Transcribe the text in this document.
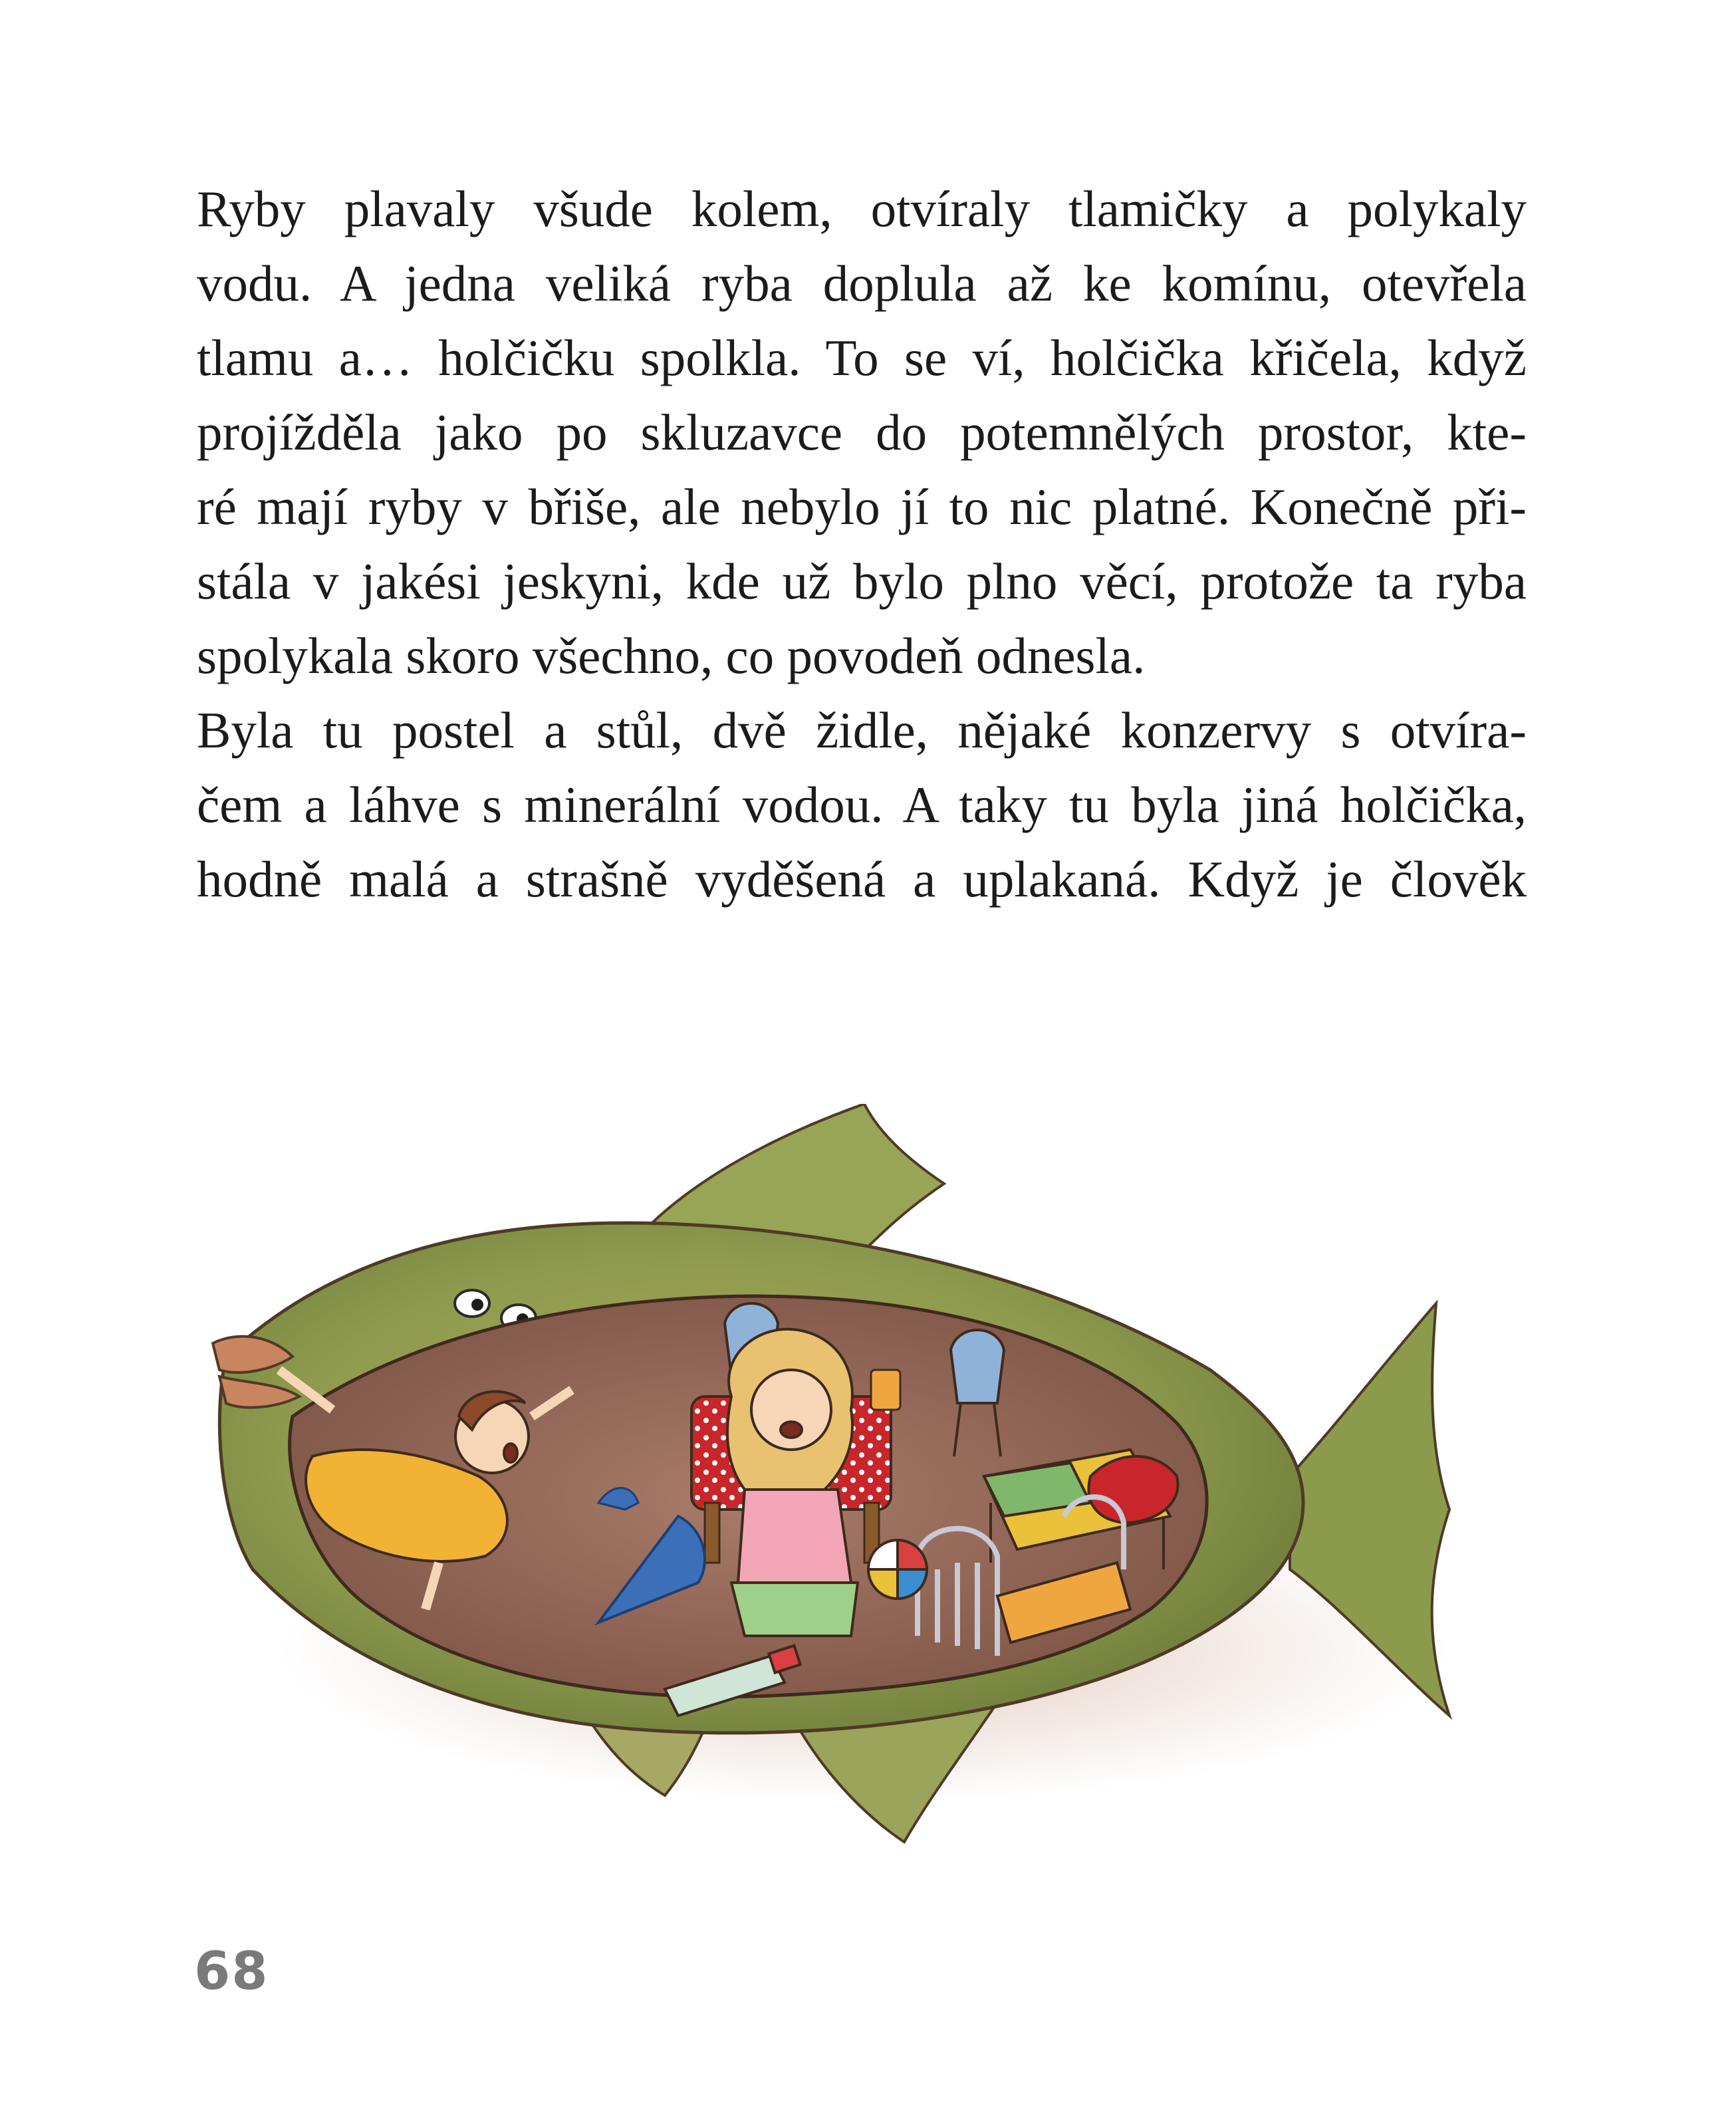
Ryby plavaly všude kolem, otvíraly tlamičky a polykaly
vodu. A jedna veliká ryba doplula až ke komínu, otevřela
tlamu a… holčičku spolkla. To se ví, holčička křičela, když
projížděla jako po skluzavce do potemnělých prostor, kte-
ré mají ryby v břiše, ale nebylo jí to nic platné. Konečně při-
stála v jakési jeskyni, kde už bylo plno věcí, protože ta ryba
spolykala skoro všechno, co povodeň odnesla.
Byla tu postel a stůl, dvě židle, nějaké konzervy s otvíra-
čem a láhve s minerální vodou. A taky tu byla jiná holčička,
hodně malá a strašně vyděšená a uplakaná. Když je člověk
68
